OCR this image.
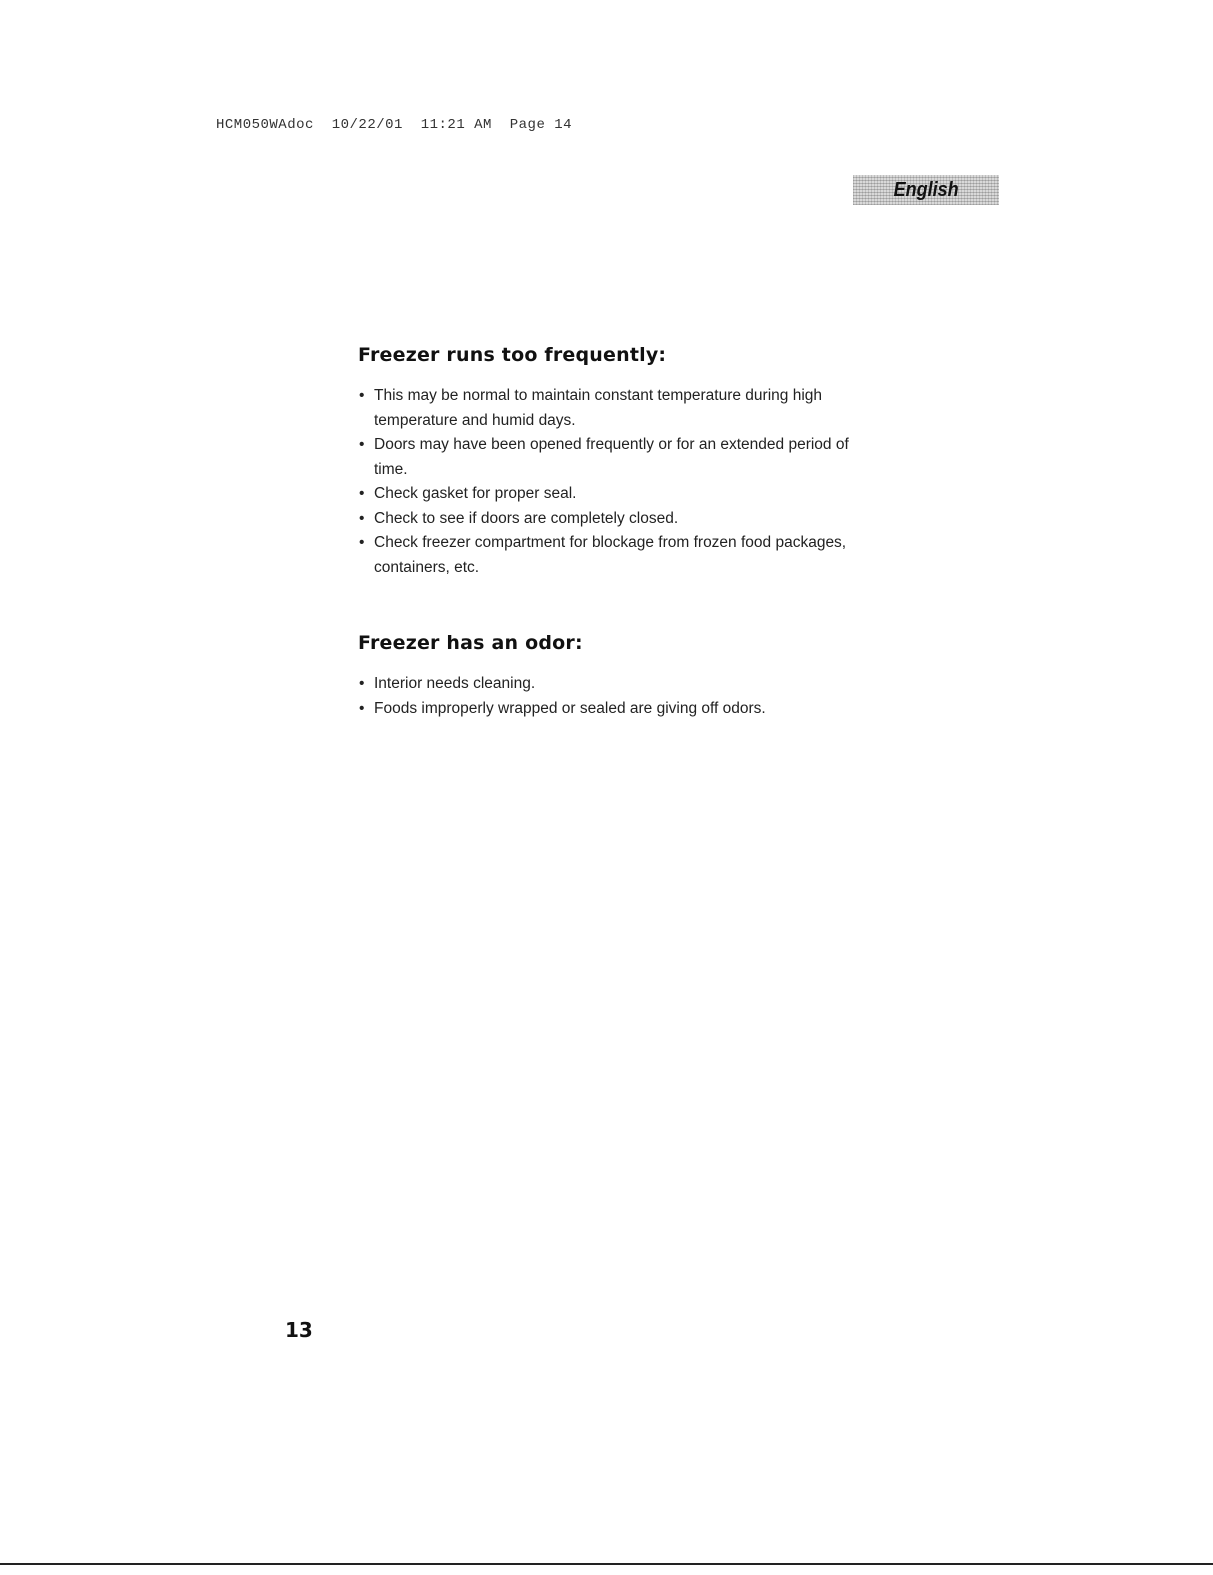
HCM050WAdoc  10/22/01  11:21 AM  Page 14
English
Freezer runs too frequently:
• This may be normal to maintain constant temperature during high temperature and humid days.
• Doors may have been opened frequently or for an extended period of time.
• Check gasket for proper seal.
• Check to see if doors are completely closed.
• Check freezer compartment for blockage from frozen food packages, containers, etc.
Freezer has an odor:
• Interior needs cleaning.
• Foods improperly wrapped or sealed are giving off odors.
13
